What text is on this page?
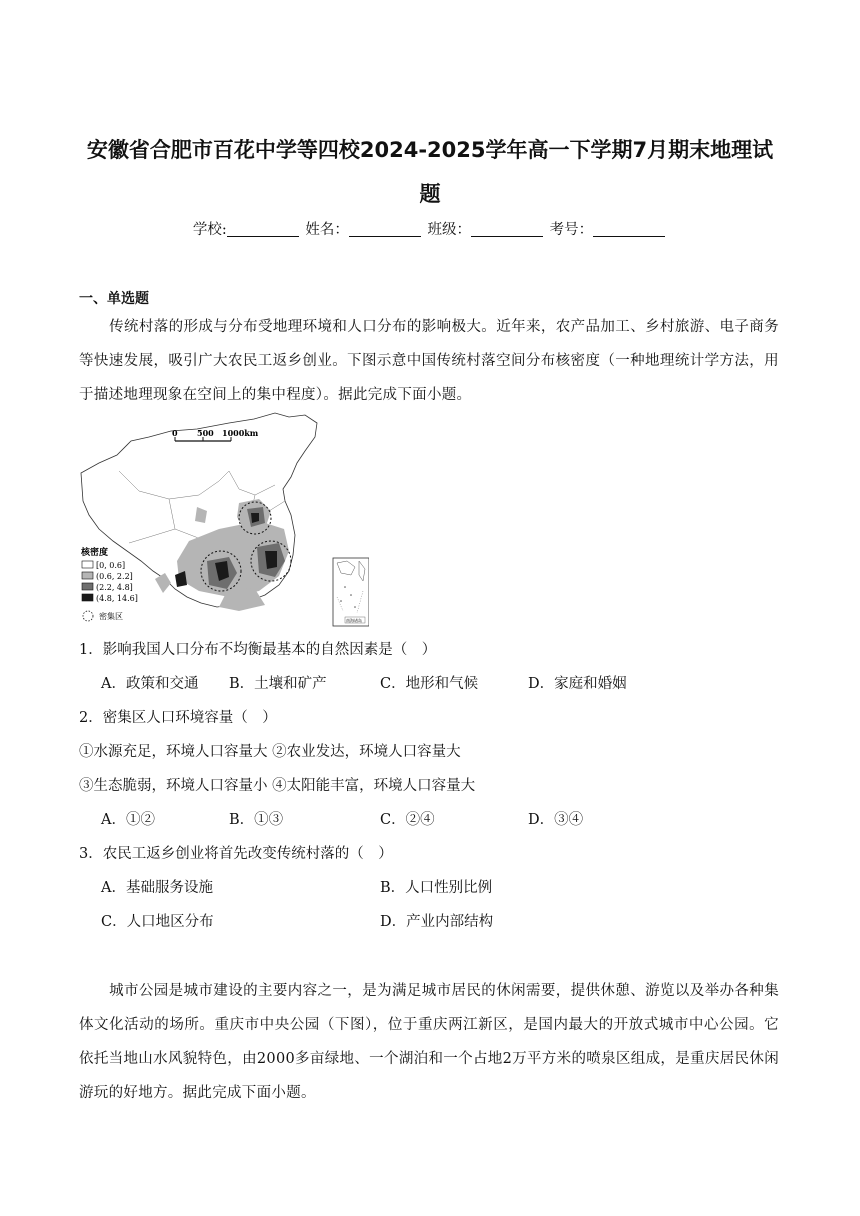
安徽省合肥市百花中学等四校2024-2025学年高一下学期7月期末地理试
题
学校:	姓名：	班级：	考号：
一、单选题
传统村落的形成与分布受地理环境和人口分布的影响极大。近年来，农产品加工、乡村旅游、电子商务等快速发展，吸引广大农民工返乡创业。下图示意中国传统村落空间分布核密度（一种地理统计学方法，用于描述地理现象在空间上的集中程度）。据此完成下面小题。
0 500 1000km
核密度
[0, 0.6]
(0.6, 2.2]
(2.2, 4.8]
(4.8, 14.6]
密集区	南海诸岛
1．影响我国人口分布不均衡最基本的自然因素是（　）
A．政策和交通 B．土壤和矿产	C．地形和气候	D．家庭和婚姻
2．密集区人口环境容量（　）
①水源充足，环境人口容量大 ②农业发达，环境人口容量大
③生态脆弱，环境人口容量小 ④太阳能丰富，环境人口容量大
A．①②	B．①③	C．②④	D．③④
3．农民工返乡创业将首先改变传统村落的（　）
A．基础服务设施	B．人口性别比例
C．人口地区分布	D．产业内部结构
城市公园是城市建设的主要内容之一，是为满足城市居民的休闲需要，提供休憩、游览以及举办各种集体文化活动的场所。重庆市中央公园（下图），位于重庆两江新区，是国内最大的开放式城市中心公园。它依托当地山水风貌特色，由2000多亩绿地、一个湖泊和一个占地2万平方米的喷泉区组成，是重庆居民休闲游玩的好地方。据此完成下面小题。
